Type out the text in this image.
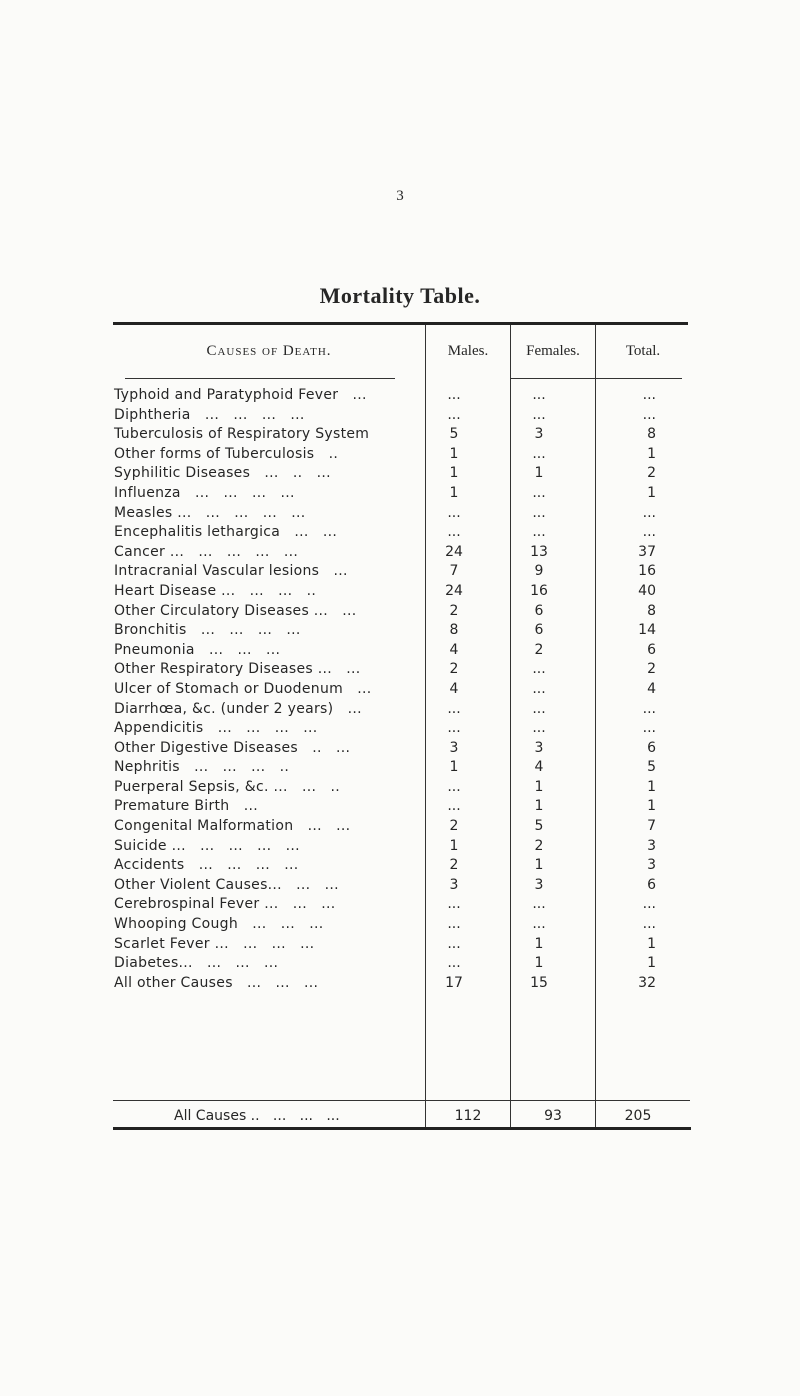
3
Mortality Table.
Causes of Death.	Males.	Females.	Total.
Typhoid and Paratyphoid Fever   ...	...	...	...
Diphtheria   ...   ...   ...   ...	...	...	...
Tuberculosis of Respiratory System	5	3	8
Other forms of Tuberculosis   ..	1	...	1
Syphilitic Diseases   ...   ..   ...	1	1	2
Influenza   ...   ...   ...   ...	1	...	1
Measles ...   ...   ...   ...   ...	...	...	...
Encephalitis lethargica   ...   ...	...	...	...
Cancer ...   ...   ...   ...   ...	24	13	37
Intracranial Vascular lesions   ...	7	9	16
Heart Disease ...   ...   ...   ..	24	16	40
Other Circulatory Diseases ...   ...	2	6	8
Bronchitis   ...   ...   ...   ...	8	6	14
Pneumonia   ...   ...   ...	4	2	6
Other Respiratory Diseases ...   ...	2	...	2
Ulcer of Stomach or Duodenum   ...	4	...	4
Diarrhœa, &c. (under 2 years)   ...	...	...	...
Appendicitis   ...   ...   ...   ...	...	...	...
Other Digestive Diseases   ..   ...	3	3	6
Nephritis   ...   ...   ...   ..	1	4	5
Puerperal Sepsis, &c. ...   ...   ..	...	1	1
Premature Birth   ...	...	1	1
Congenital Malformation   ...   ...	2	5	7
Suicide ...   ...   ...   ...   ...	1	2	3
Accidents   ...   ...   ...   ...	2	1	3
Other Violent Causes...   ...   ...	3	3	6
Cerebrospinal Fever ...   ...   ...	...	...	...
Whooping Cough   ...   ...   ...	...	...	...
Scarlet Fever ...   ...   ...   ...	...	1	1
Diabetes...   ...   ...   ...	...	1	1
All other Causes   ...   ...   ...	17	15	32
All Causes ..   ...   ...   ...	112	93	205
